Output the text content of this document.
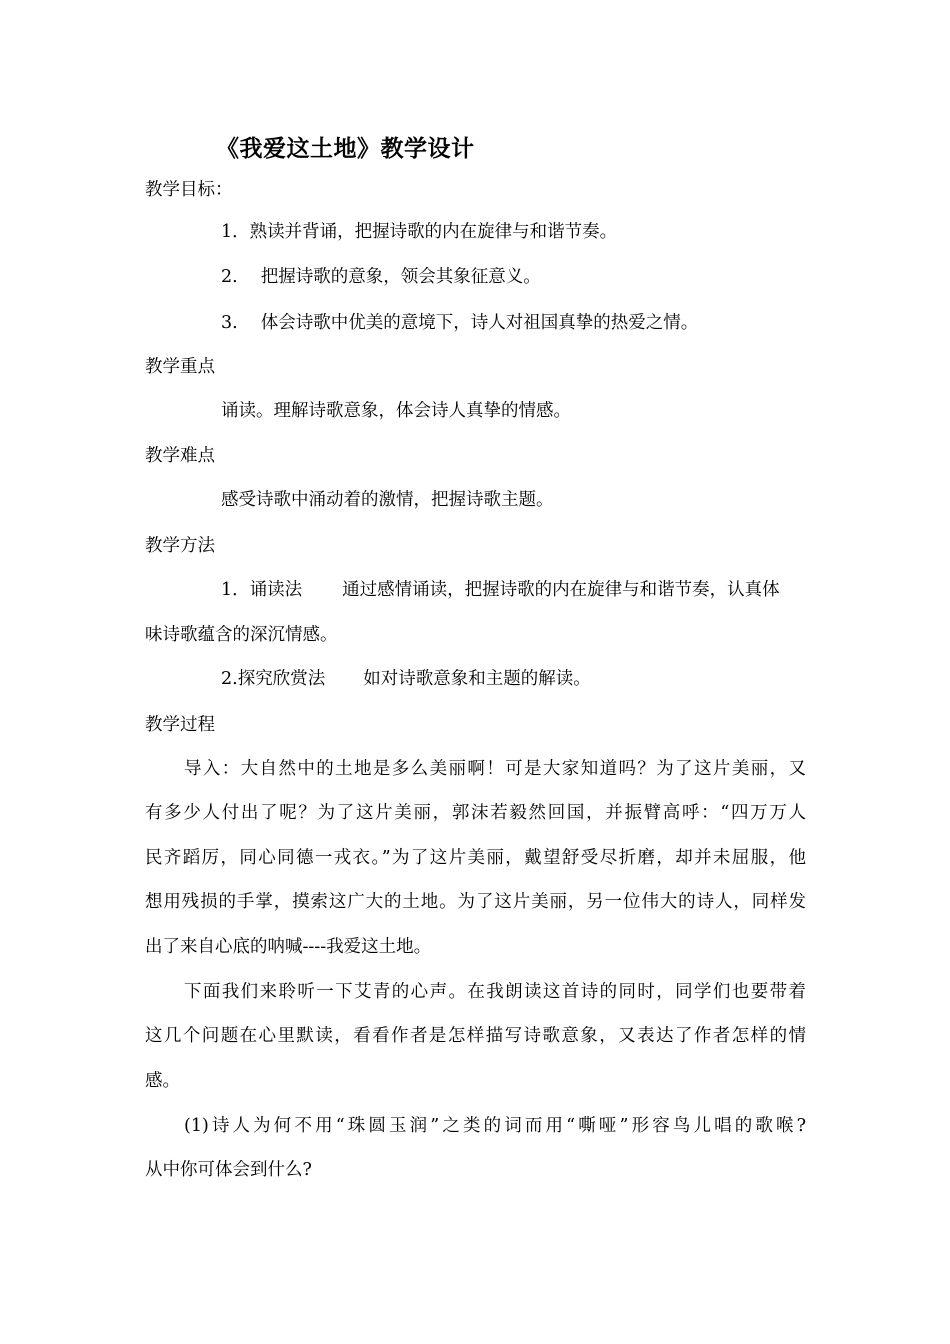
《我爱这土地》教学设计
教学目标：
1．熟读并背诵，把握诗歌的内在旋律与和谐节奏。
2.　 把握诗歌的意象，领会其象征意义。
3.　 体会诗歌中优美的意境下，诗人对祖国真挚的热爱之情。
教学重点
诵读。理解诗歌意象，体会诗人真挚的情感。
教学难点
感受诗歌中涌动着的激情，把握诗歌主题。
教学方法
1．诵读法 通过感情诵读，把握诗歌的内在旋律与和谐节奏，认真体
味诗歌蕴含的深沉情感。
2.探究欣赏法 如对诗歌意象和主题的解读。
教学过程
导入：大自然中的土地是多么美丽啊！可是大家知道吗？为了这片美丽，又
有多少人付出了呢？为了这片美丽，郭沫若毅然回国，并振臂高呼：“四万万人
民齐蹈厉，同心同德一戎衣。”为了这片美丽，戴望舒受尽折磨，却并未屈服，他
想用残损的手掌，摸索这广大的土地。为了这片美丽，另一位伟大的诗人，同样发
出了来自心底的呐喊----我爱这土地。
下面我们来聆听一下艾青的心声。在我朗读这首诗的同时，同学们也要带着
这几个问题在心里默读，看看作者是怎样描写诗歌意象，又表达了作者怎样的情
感。
(1)诗人为何不用“珠圆玉润”之类的词而用“嘶哑”形容鸟儿唱的歌喉?
从中你可体会到什么?
